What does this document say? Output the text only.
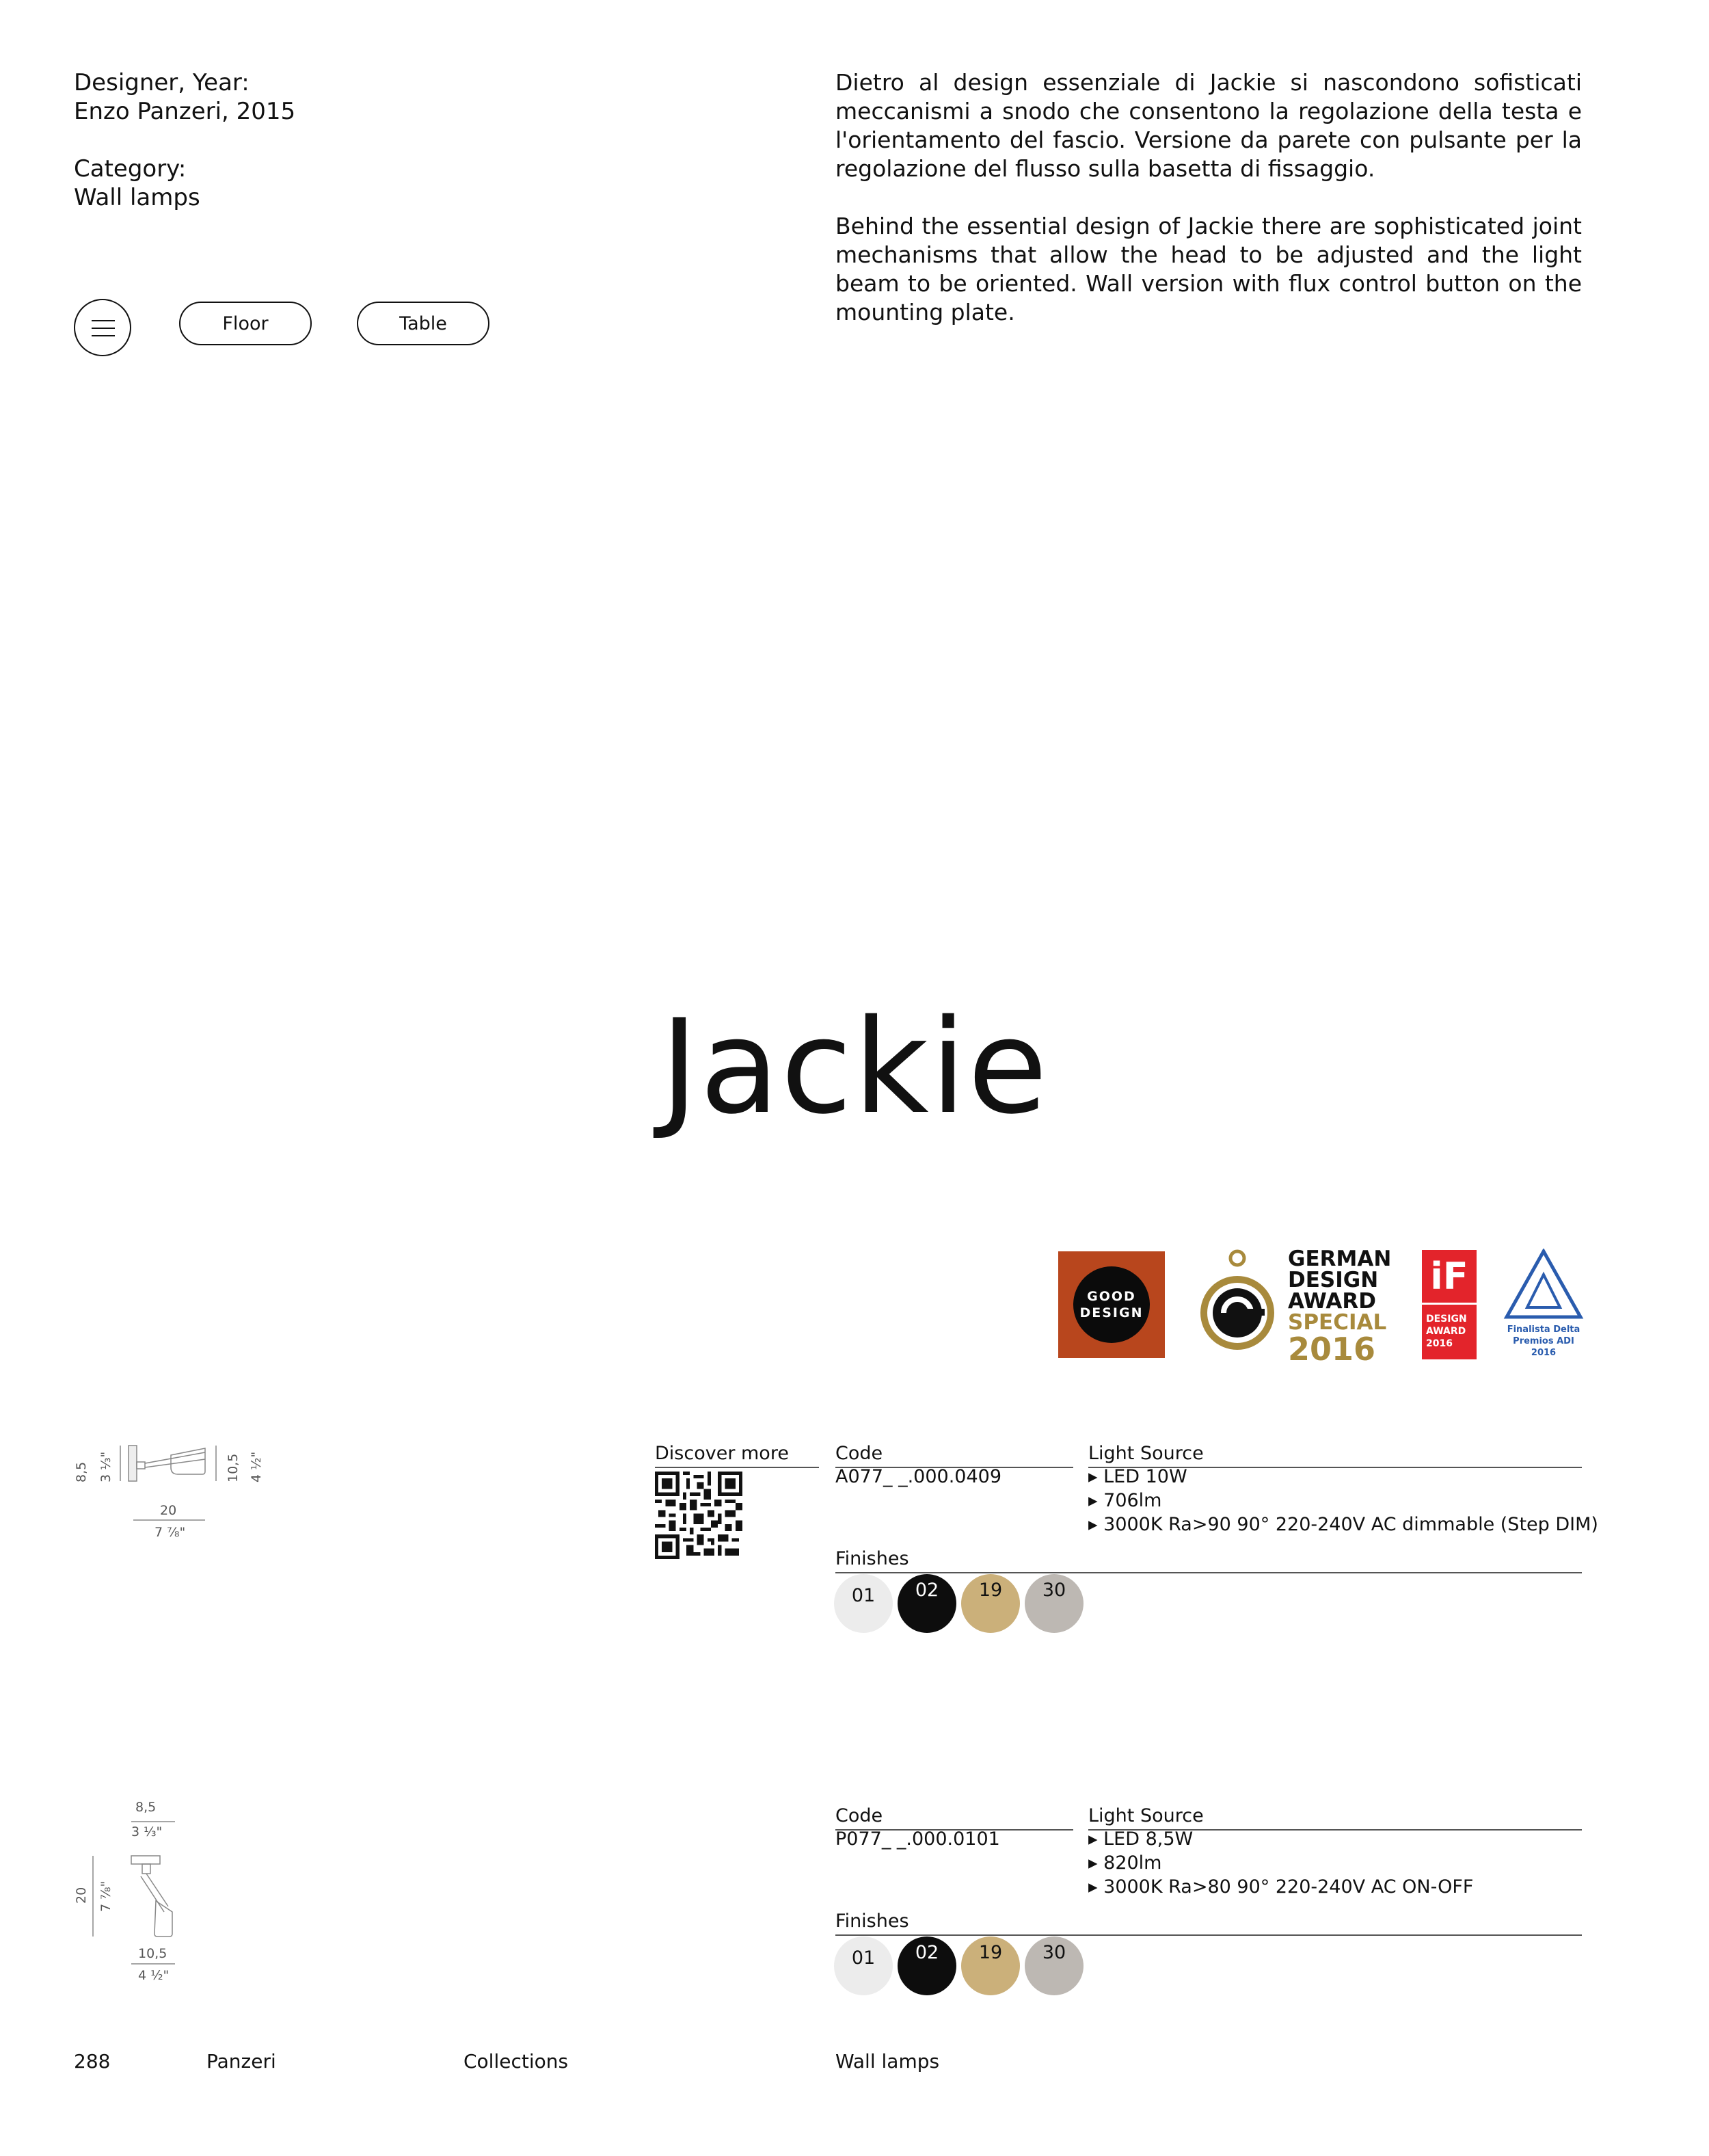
Designer, Year:
Enzo Panzeri, 2015
Category:
Wall lamps

Dietro al design essenziale di Jackie si nascondono sofisticati meccanismi a snodo che consentono la regolazione della testa e l'orientamento del fascio. Versione da parete con pulsante per la regolazione del flusso sulla basetta di fissaggio.

Behind the essential design of Jackie there are sophisticated joint mechanisms that allow the head to be adjusted and the light beam to be oriented. Wall version with flux control button on the mounting plate.

Floor	Table
Jackie
GOOD
DESIGN
GERMAN
DESIGN
AWARD
SPECIAL
2016
iF
DESIGN
AWARD
2016
Finalista Delta
Premios ADI
2016
8,5 3 ⅓"	10,5 4 ½"
20
7 ⅞"
Discover more	Code
A077_ _.000.0409
Light Source
▸ LED 10W
▸ 706lm
▸ 3000K Ra>90 90° 220-240V AC dimmable (Step DIM)
Finishes
01	02	19	30
8,5
3 ⅓"
20 7 ⅞"
10,5
4 ½"
Code
P077_ _.000.0101
Light Source
▸ LED 8,5W
▸ 820lm
▸ 3000K Ra>80 90° 220-240V AC ON-OFF
Finishes
01	02	19	30
288	Panzeri	Collections	Wall lamps
